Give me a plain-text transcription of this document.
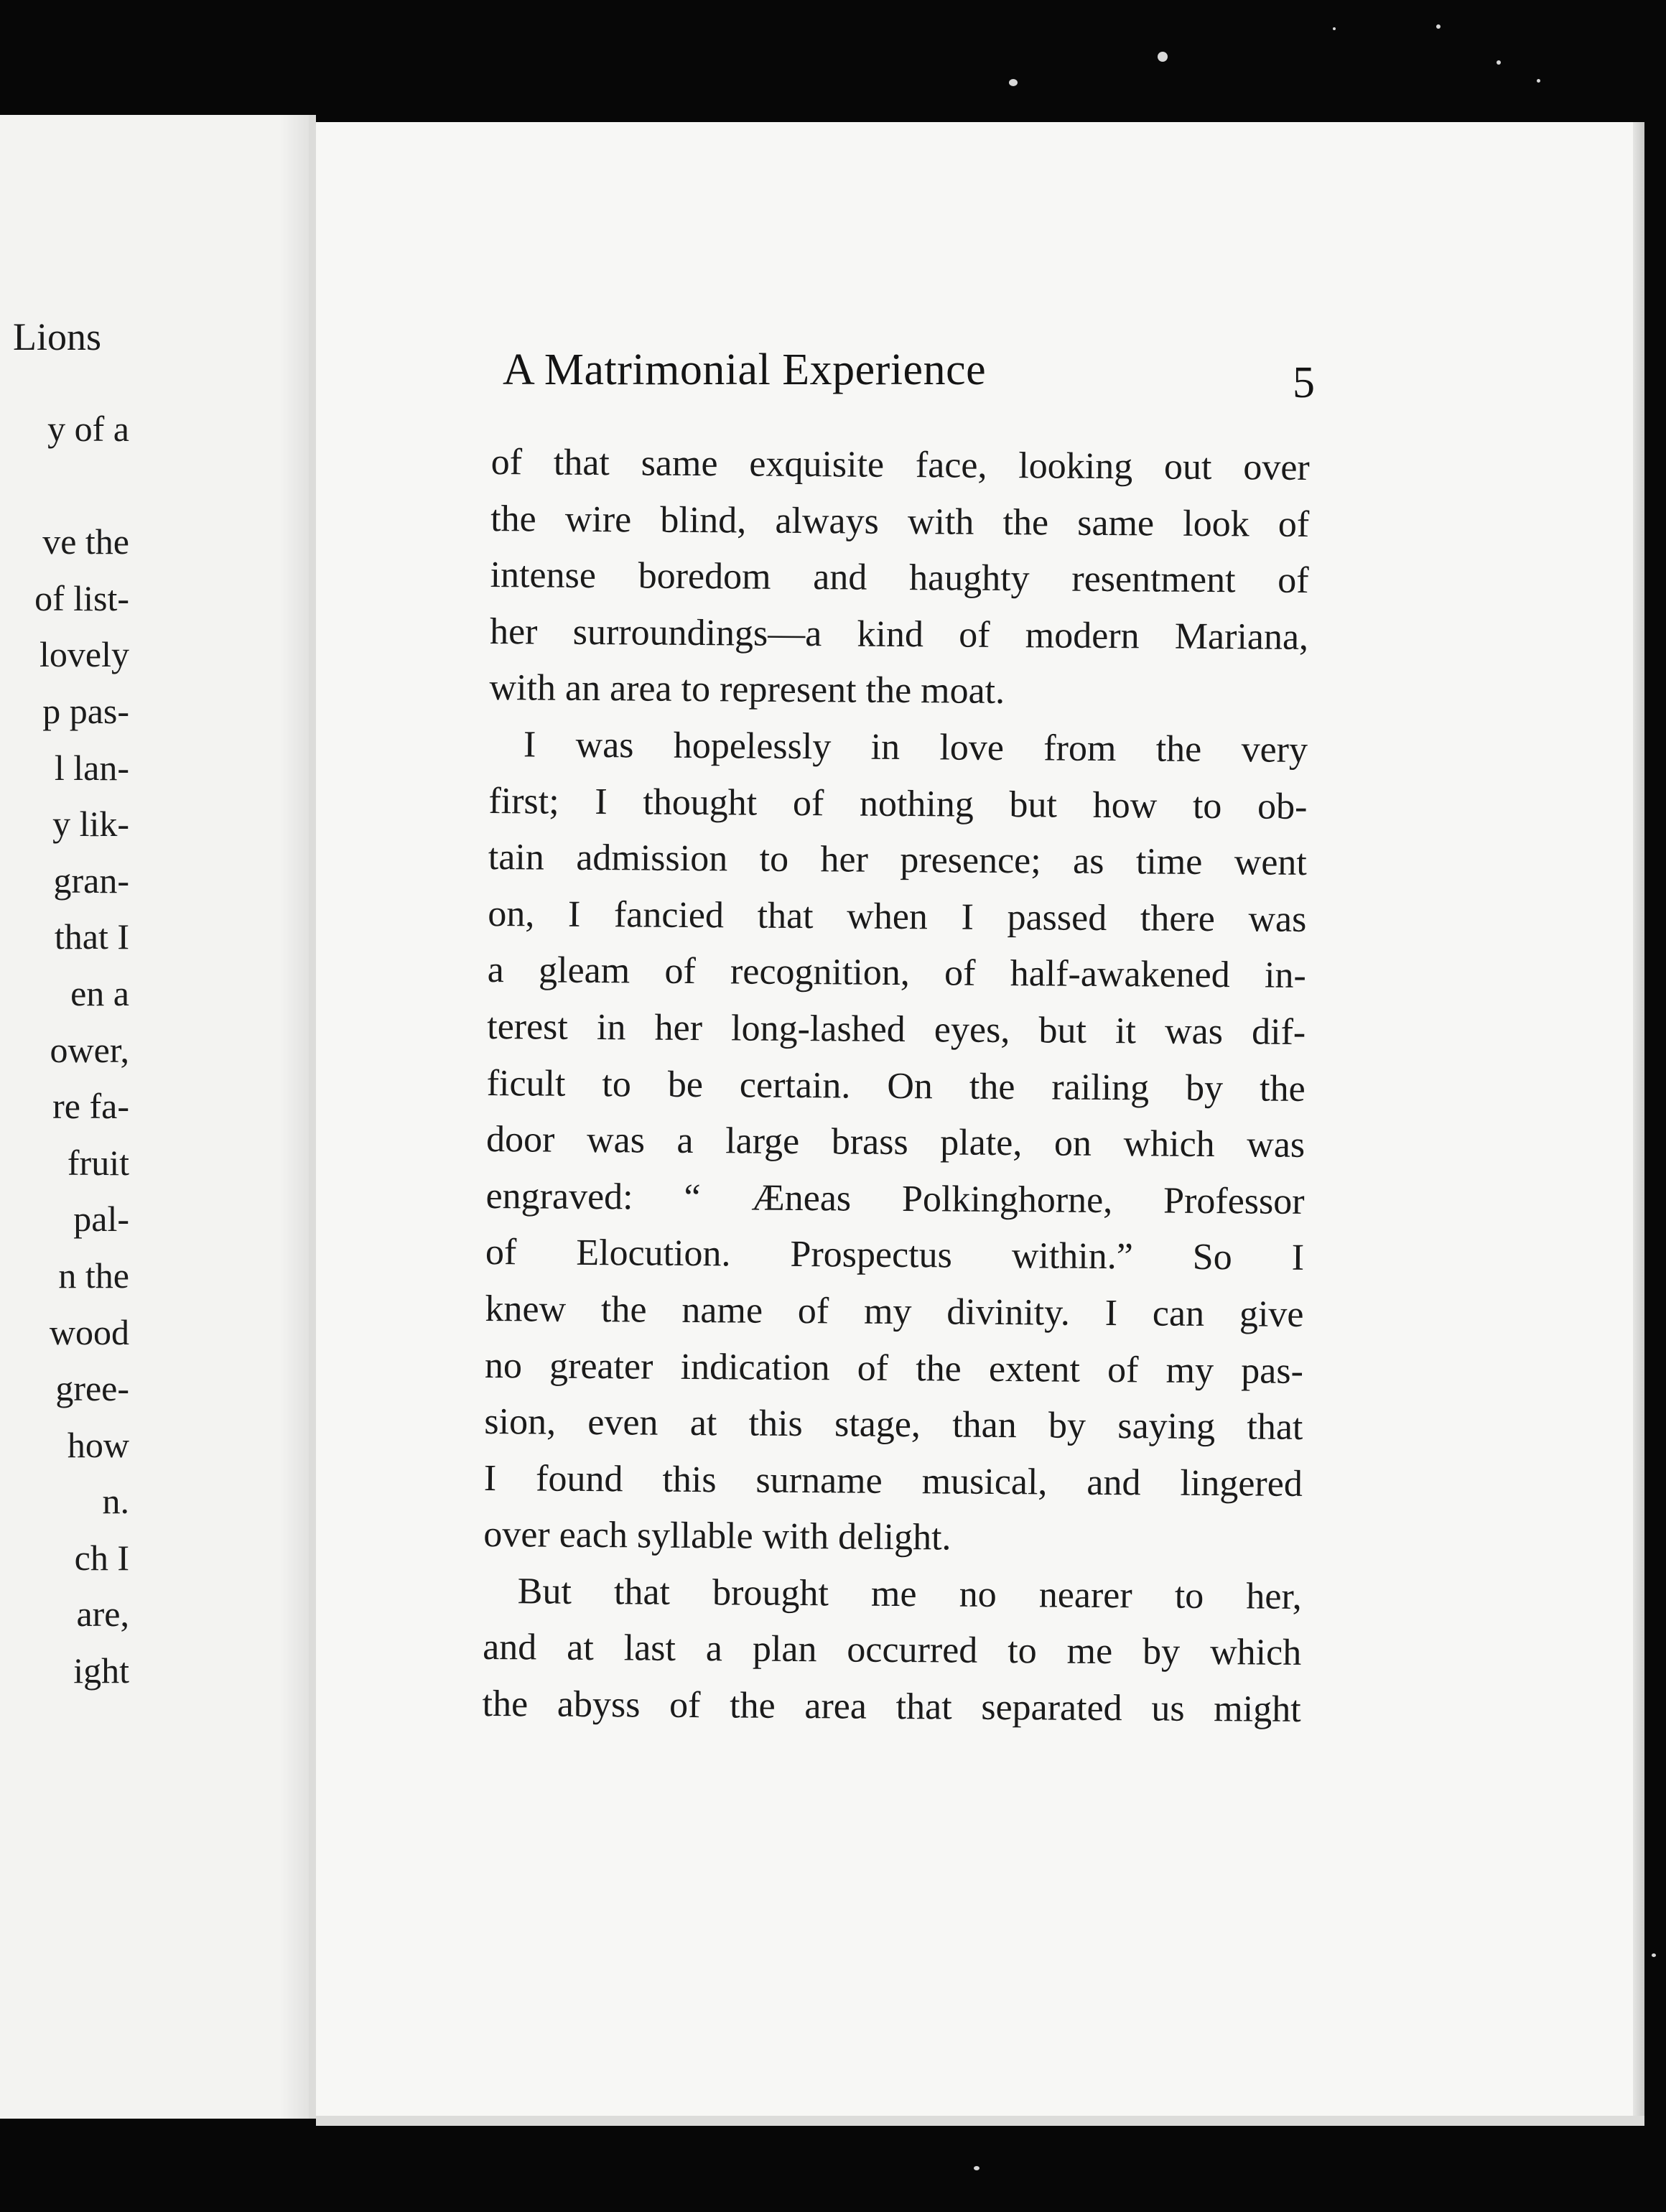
Lions
y of a
ve the
of list-
lovely
p pas-
l lan-
y lik-
gran-
that I
en a
ower,
re fa-
fruit
pal-
n the
wood
gree-
how
n.
ch I
are,
ight
A Matrimonial Experience	5
of that same exquisite face, looking out over
the wire blind, always with the same look of
intense boredom and haughty resentment of
her surroundings—a kind of modern Mariana,
with an area to represent the moat.
I was hopelessly in love from the very
first; I thought of nothing but how to ob-
tain admission to her presence; as time went
on, I fancied that when I passed there was
a gleam of recognition, of half-awakened in-
terest in her long-lashed eyes, but it was dif-
ficult to be certain. On the railing by the
door was a large brass plate, on which was
engraved: “ Æneas Polkinghorne, Professor
of Elocution. Prospectus within.” So I
knew the name of my divinity. I can give
no greater indication of the extent of my pas-
sion, even at this stage, than by saying that
I found this surname musical, and lingered
over each syllable with delight.
But that brought me no nearer to her,
and at last a plan occurred to me by which
the abyss of the area that separated us might
